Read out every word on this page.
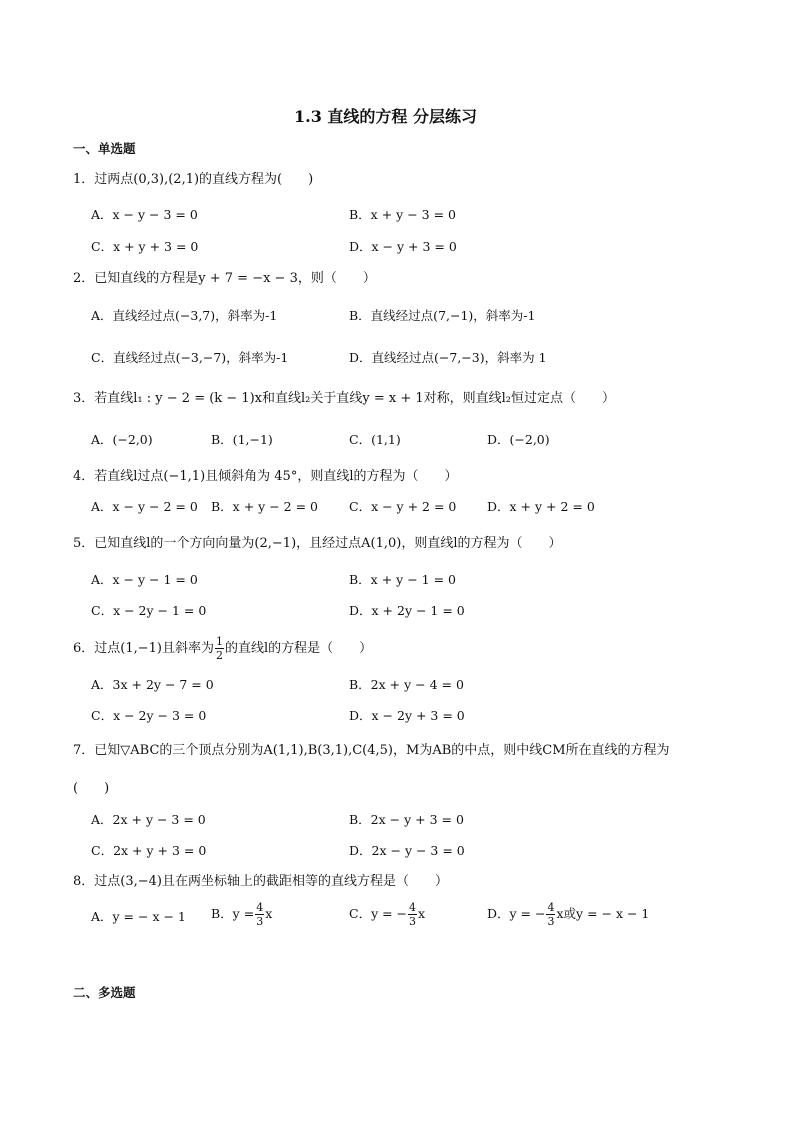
1.3 直线的方程 分层练习
一、单选题
1．过两点(0,3),(2,1)的直线方程为(　　)
A．x − y − 3 = 0	B．x + y − 3 = 0
C．x + y + 3 = 0	D．x − y + 3 = 0
2．已知直线的方程是y + 7 = −x − 3，则（　　）
A．直线经过点(−3,7)，斜率为-1	B．直线经过点(7,−1)，斜率为-1
C．直线经过点(−3,−7)，斜率为-1	D．直线经过点(−7,−3)，斜率为 1
3．若直线l₁ : y − 2 = (k − 1)x和直线l₂关于直线y = x + 1对称，则直线l₂恒过定点（　　）
A．(−2,0)	B．(1,−1)	C．(1,1)	D．(−2,0)
4．若直线l过点(−1,1)且倾斜角为 45°，则直线l的方程为（　　）
A．x − y − 2 = 0 B．x + y − 2 = 0 C．x − y + 2 = 0 D．x + y + 2 = 0
5．已知直线l的一个方向向量为(2,−1)，且经过点A(1,0)，则直线l的方程为（　　）
A．x − y − 1 = 0	B．x + y − 1 = 0
C．x − 2y − 1 = 0	D．x + 2y − 1 = 0
6．过点(1,−1)且斜率为 $\frac{1}{2}$ 的直线l的方程是（　　）
A．3x + 2y − 7 = 0	B．2x + y − 4 = 0
C．x − 2y − 3 = 0	D．x − 2y + 3 = 0
7．已知▽ABC的三个顶点分别为A(1,1),B(3,1),C(4,5)，M为AB的中点，则中线CM所在直线的方程为
(　　)
A．2x + y − 3 = 0	B．2x − y + 3 = 0
C．2x + y + 3 = 0	D．2x − y − 3 = 0
8．过点(3,−4)且在两坐标轴上的截距相等的直线方程是（　　）
A．y = − x − 1 B．$y = \frac{4}{3}$ x	C．y = − $\frac{4}{3}$ x	D．y = − $\frac{4}{3}$ x或y = − x − 1
二、多选题
